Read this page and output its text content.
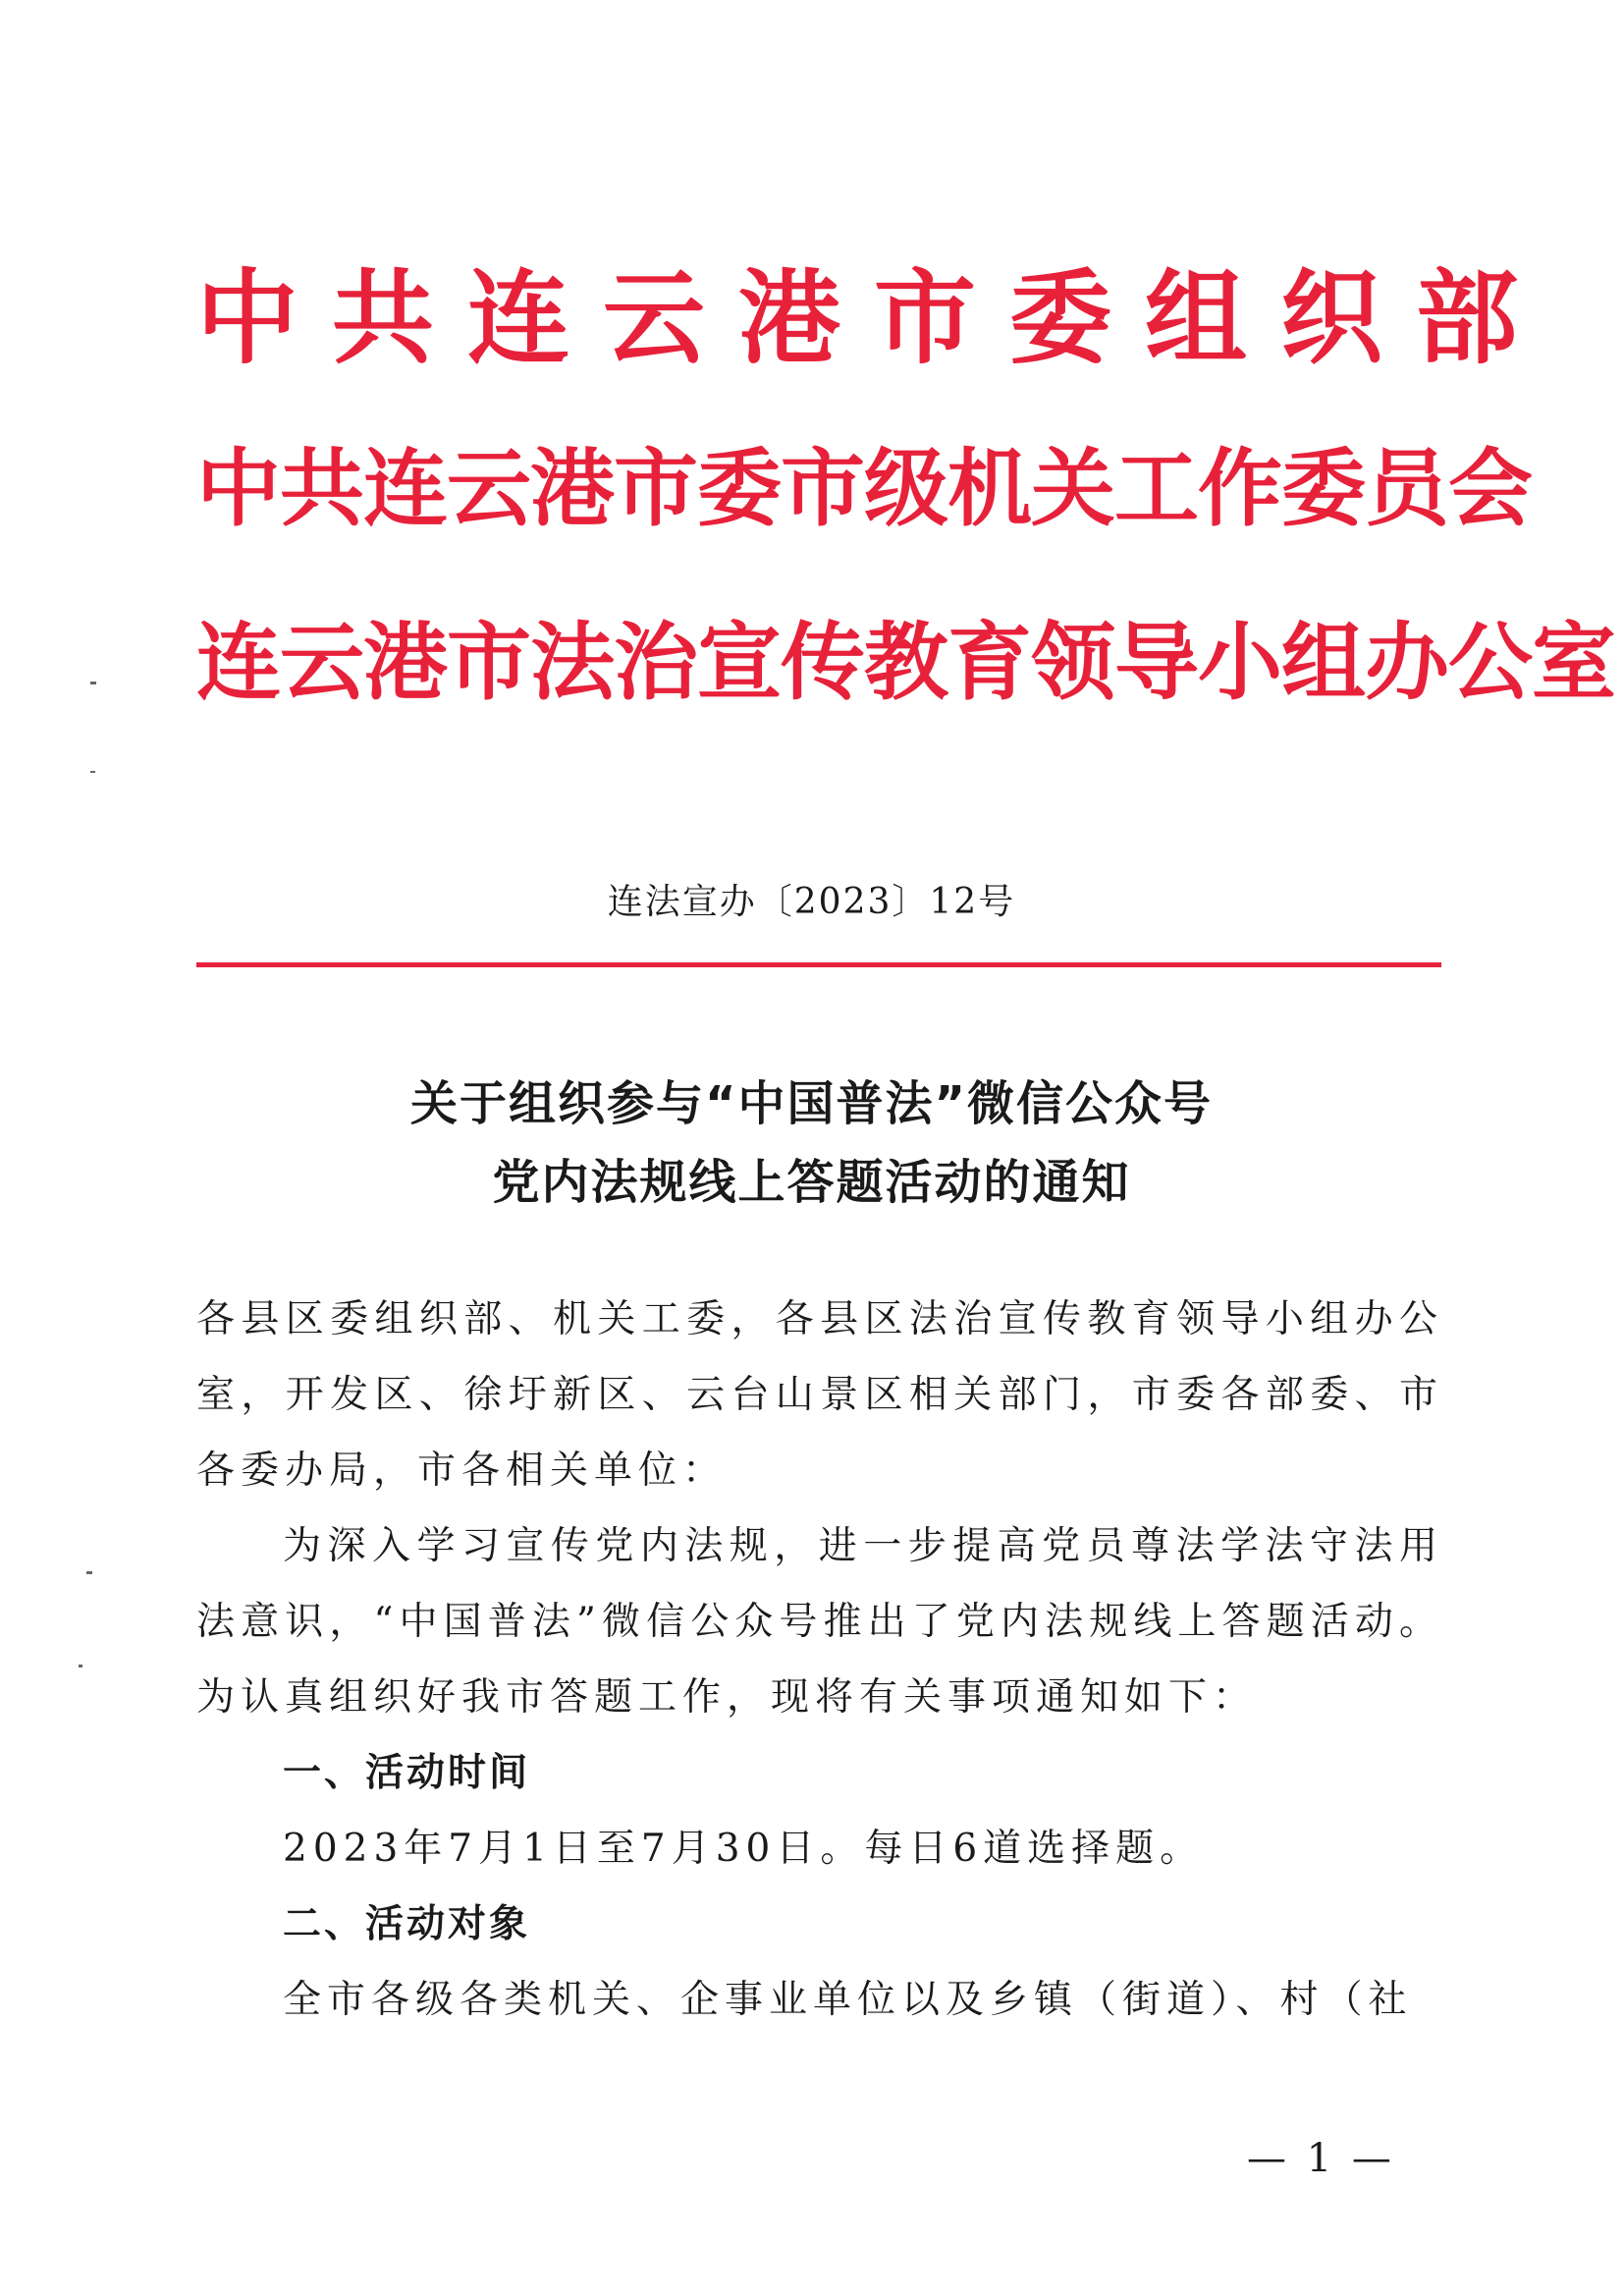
中共连云港市委组织部
中共连云港市委市级机关工作委员会
连云港市法治宣传教育领导小组办公室
连法宣办〔2023〕12号
关于组织参与“中国普法”微信公众号
党内法规线上答题活动的通知

各县区委组织部、机关工委，各县区法治宣传教育领导小组办公室，开发区、徐圩新区、云台山景区相关部门，市委各部委、市各委办局，市各相关单位：

为深入学习宣传党内法规，进一步提高党员尊法学法守法用法意识，“中国普法”微信公众号推出了党内法规线上答题活动。为认真组织好我市答题工作，现将有关事项通知如下：

一、活动时间

2023年7月1日至7月30日。每日6道选择题。

二、活动对象

全市各级各类机关、企事业单位以及乡镇（街道）、村（社

— 1 —
